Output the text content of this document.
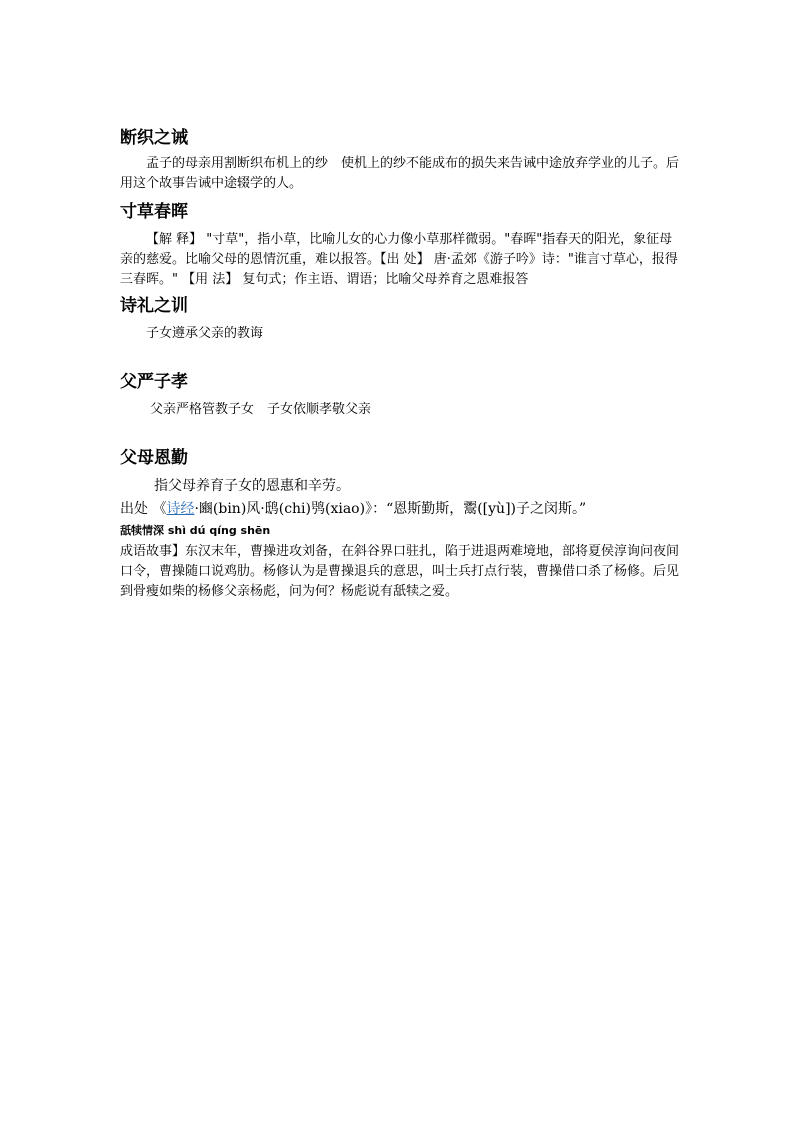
断织之诫

孟子的母亲用割断织布机上的纱　使机上的纱不能成布的损失来告诫中途放弃学业的儿子。后用这个故事告诫中途辍学的人。

寸草春晖

【解 释】 "寸草"，指小草，比喻儿女的心力像小草那样微弱。"春晖"指春天的阳光，象征母亲的慈爱。比喻父母的恩情沉重，难以报答。【出 处】 唐·孟郊《游子吟》诗："谁言寸草心，报得三春晖。" 【用 法】 复句式；作主语、谓语；比喻父母养育之恩难报答

诗礼之训

子女遵承父亲的教诲

父严子孝

父亲严格管教子女　子女依顺孝敬父亲

父母恩勤

指父母养育子女的恩惠和辛劳。

出处 《诗经·豳(bin)风·鸱(chi)鸮(xiao)》：“恩斯勤斯，鬻([yù])子之闵斯。”

舐犊情深 shì dú qíng shēn

成语故事】东汉末年，曹操进攻刘备，在斜谷界口驻扎，陷于进退两难境地，部将夏侯淳询问夜间口令，曹操随口说鸡肋。杨修认为是曹操退兵的意思，叫士兵打点行装，曹操借口杀了杨修。后见到骨瘦如柴的杨修父亲杨彪，问为何？杨彪说有舐犊之爱。
